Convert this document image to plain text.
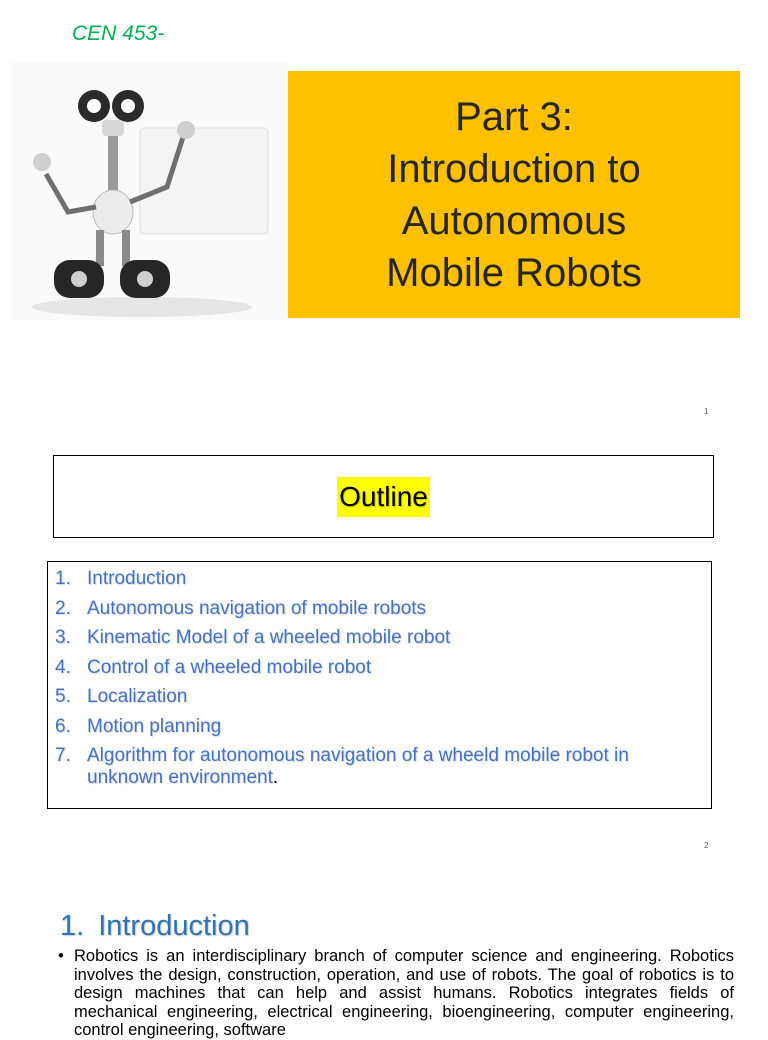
CEN 453-
Part 3:
Introduction to
Autonomous
Mobile Robots
1
Outline
1. Introduction
2. Autonomous navigation of mobile robots
3. Kinematic Model of a wheeled mobile robot
4. Control of a wheeled mobile robot
5. Localization
6. Motion planning
7. Algorithm for autonomous navigation of a wheeld mobile robot in unknown environment.
2
1. Introduction
• Robotics is an interdisciplinary branch of computer science and engineering. Robotics involves the design, construction, operation, and use of robots. The goal of robotics is to design machines that can help and assist humans. Robotics integrates fields of mechanical engineering, electrical engineering, bioengineering, computer engineering, control engineering, software
